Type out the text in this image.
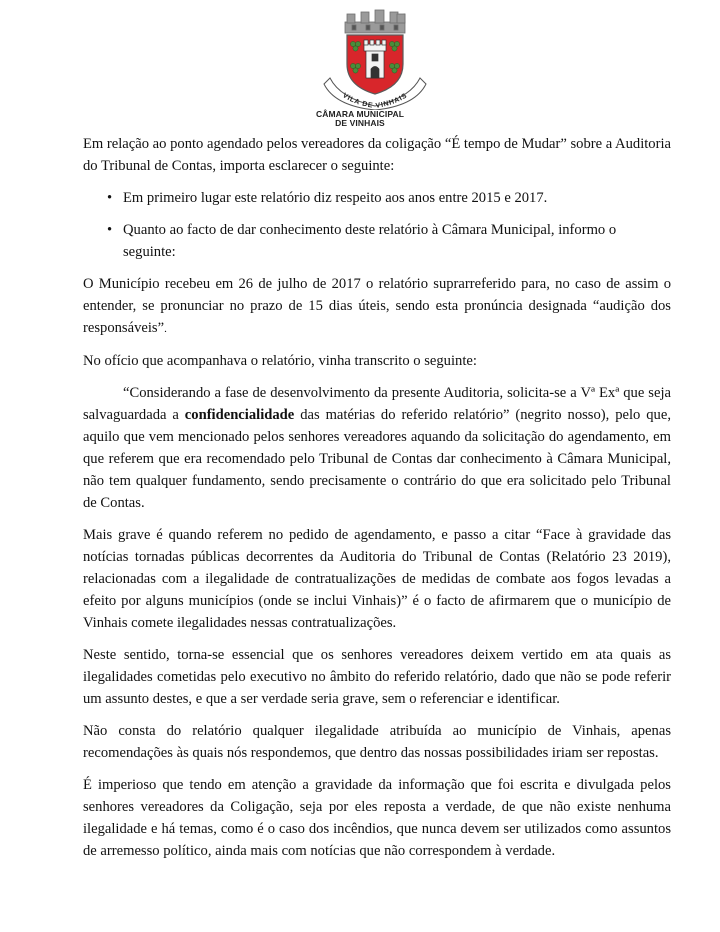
VILA DE VINHAIS
CÂMARA MUNICIPAL
DE VINHAIS

Em relação ao ponto agendado pelos vereadores da coligação “É tempo de Mudar” sobre a Auditoria do Tribunal de Contas, importa esclarecer o seguinte:

• Em primeiro lugar este relatório diz respeito aos anos entre 2015 e 2017.
• Quanto ao facto de dar conhecimento deste relatório à Câmara Municipal, informo o seguinte:

O Município recebeu em 26 de julho de 2017 o relatório suprarreferido para, no caso de assim o entender, se pronunciar no prazo de 15 dias úteis, sendo esta pronúncia designada “audição dos responsáveis”.

No ofício que acompanhava o relatório, vinha transcrito o seguinte:

“Considerando a fase de desenvolvimento da presente Auditoria, solicita-se a Vª Exª que seja salvaguardada a confidencialidade das matérias do referido relatório” (negrito nosso), pelo que, aquilo que vem mencionado pelos senhores vereadores aquando da solicitação do agendamento, em que referem que era recomendado pelo Tribunal de Contas dar conhecimento à Câmara Municipal, não tem qualquer fundamento, sendo precisamente o contrário do que era solicitado pelo Tribunal de Contas.

Mais grave é quando referem no pedido de agendamento, e passo a citar “Face à gravidade das notícias tornadas públicas decorrentes da Auditoria do Tribunal de Contas (Relatório 23 2019), relacionadas com a ilegalidade de contratualizações de medidas de combate aos fogos levadas a efeito por alguns municípios (onde se inclui Vinhais)” é o facto de afirmarem que o município de Vinhais comete ilegalidades nessas contratualizações.

Neste sentido, torna-se essencial que os senhores vereadores deixem vertido em ata quais as ilegalidades cometidas pelo executivo no âmbito do referido relatório, dado que não se pode referir um assunto destes, e que a ser verdade seria grave, sem o referenciar e identificar.

Não consta do relatório qualquer ilegalidade atribuída ao município de Vinhais, apenas recomendações às quais nós respondemos, que dentro das nossas possibilidades iriam ser repostas.

É imperioso que tendo em atenção a gravidade da informação que foi escrita e divulgada pelos senhores vereadores da Coligação, seja por eles reposta a verdade, de que não existe nenhuma ilegalidade e há temas, como é o caso dos incêndios, que nunca devem ser utilizados como assuntos de arremesso político, ainda mais com notícias que não correspondem à verdade.
